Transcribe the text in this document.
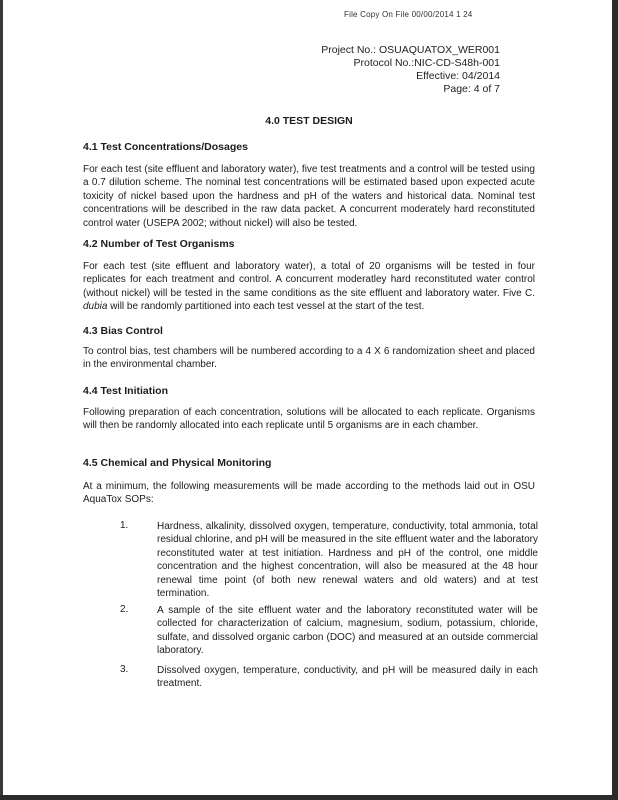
File Copy On File 00/00/2014 1 24
Project No.: OSUAQUATOX_WER001
Protocol No.:NIC-CD-S48h-001
Effective: 04/2014
Page: 4 of 7
4.0 TEST DESIGN
4.1 Test Concentrations/Dosages
For each test (site effluent and laboratory water), five test treatments and a control will be tested using a 0.7 dilution scheme. The nominal test concentrations will be estimated based upon expected acute toxicity of nickel based upon the hardness and pH of the waters and historical data. Nominal test concentrations will be described in the raw data packet. A concurrent moderately hard reconstituted control water (USEPA 2002; without nickel) will also be tested.
4.2 Number of Test Organisms
For each test (site effluent and laboratory water), a total of 20 organisms will be tested in four replicates for each treatment and control. A concurrent moderatley hard reconstituted water control (without nickel) will be tested in the same conditions as the site effluent and laboratory water. Five C. dubia will be randomly partitioned into each test vessel at the start of the test.
4.3 Bias Control
To control bias, test chambers will be numbered according to a 4 X 6 randomization sheet and placed in the environmental chamber.
4.4 Test Initiation
Following preparation of each concentration, solutions will be allocated to each replicate. Organisms will then be randomly allocated into each replicate until 5 organisms are in each chamber.
4.5 Chemical and Physical Monitoring
At a minimum, the following measurements will be made according to the methods laid out in OSU AquaTox SOPs:
1.	Hardness, alkalinity, dissolved oxygen, temperature, conductivity, total ammonia, total residual chlorine, and pH will be measured in the site effluent water and the laboratory reconstituted water at test initiation. Hardness and pH of the control, one middle concentration and the highest concentration, will also be measured at the 48 hour renewal time point (of both new renewal waters and old waters) and at test termination.
2.	A sample of the site effluent water and the laboratory reconstituted water will be collected for characterization of calcium, magnesium, sodium, potassium, chloride, sulfate, and dissolved organic carbon (DOC) and measured at an outside commercial laboratory.
3.	Dissolved oxygen, temperature, conductivity, and pH will be measured daily in each treatment.
